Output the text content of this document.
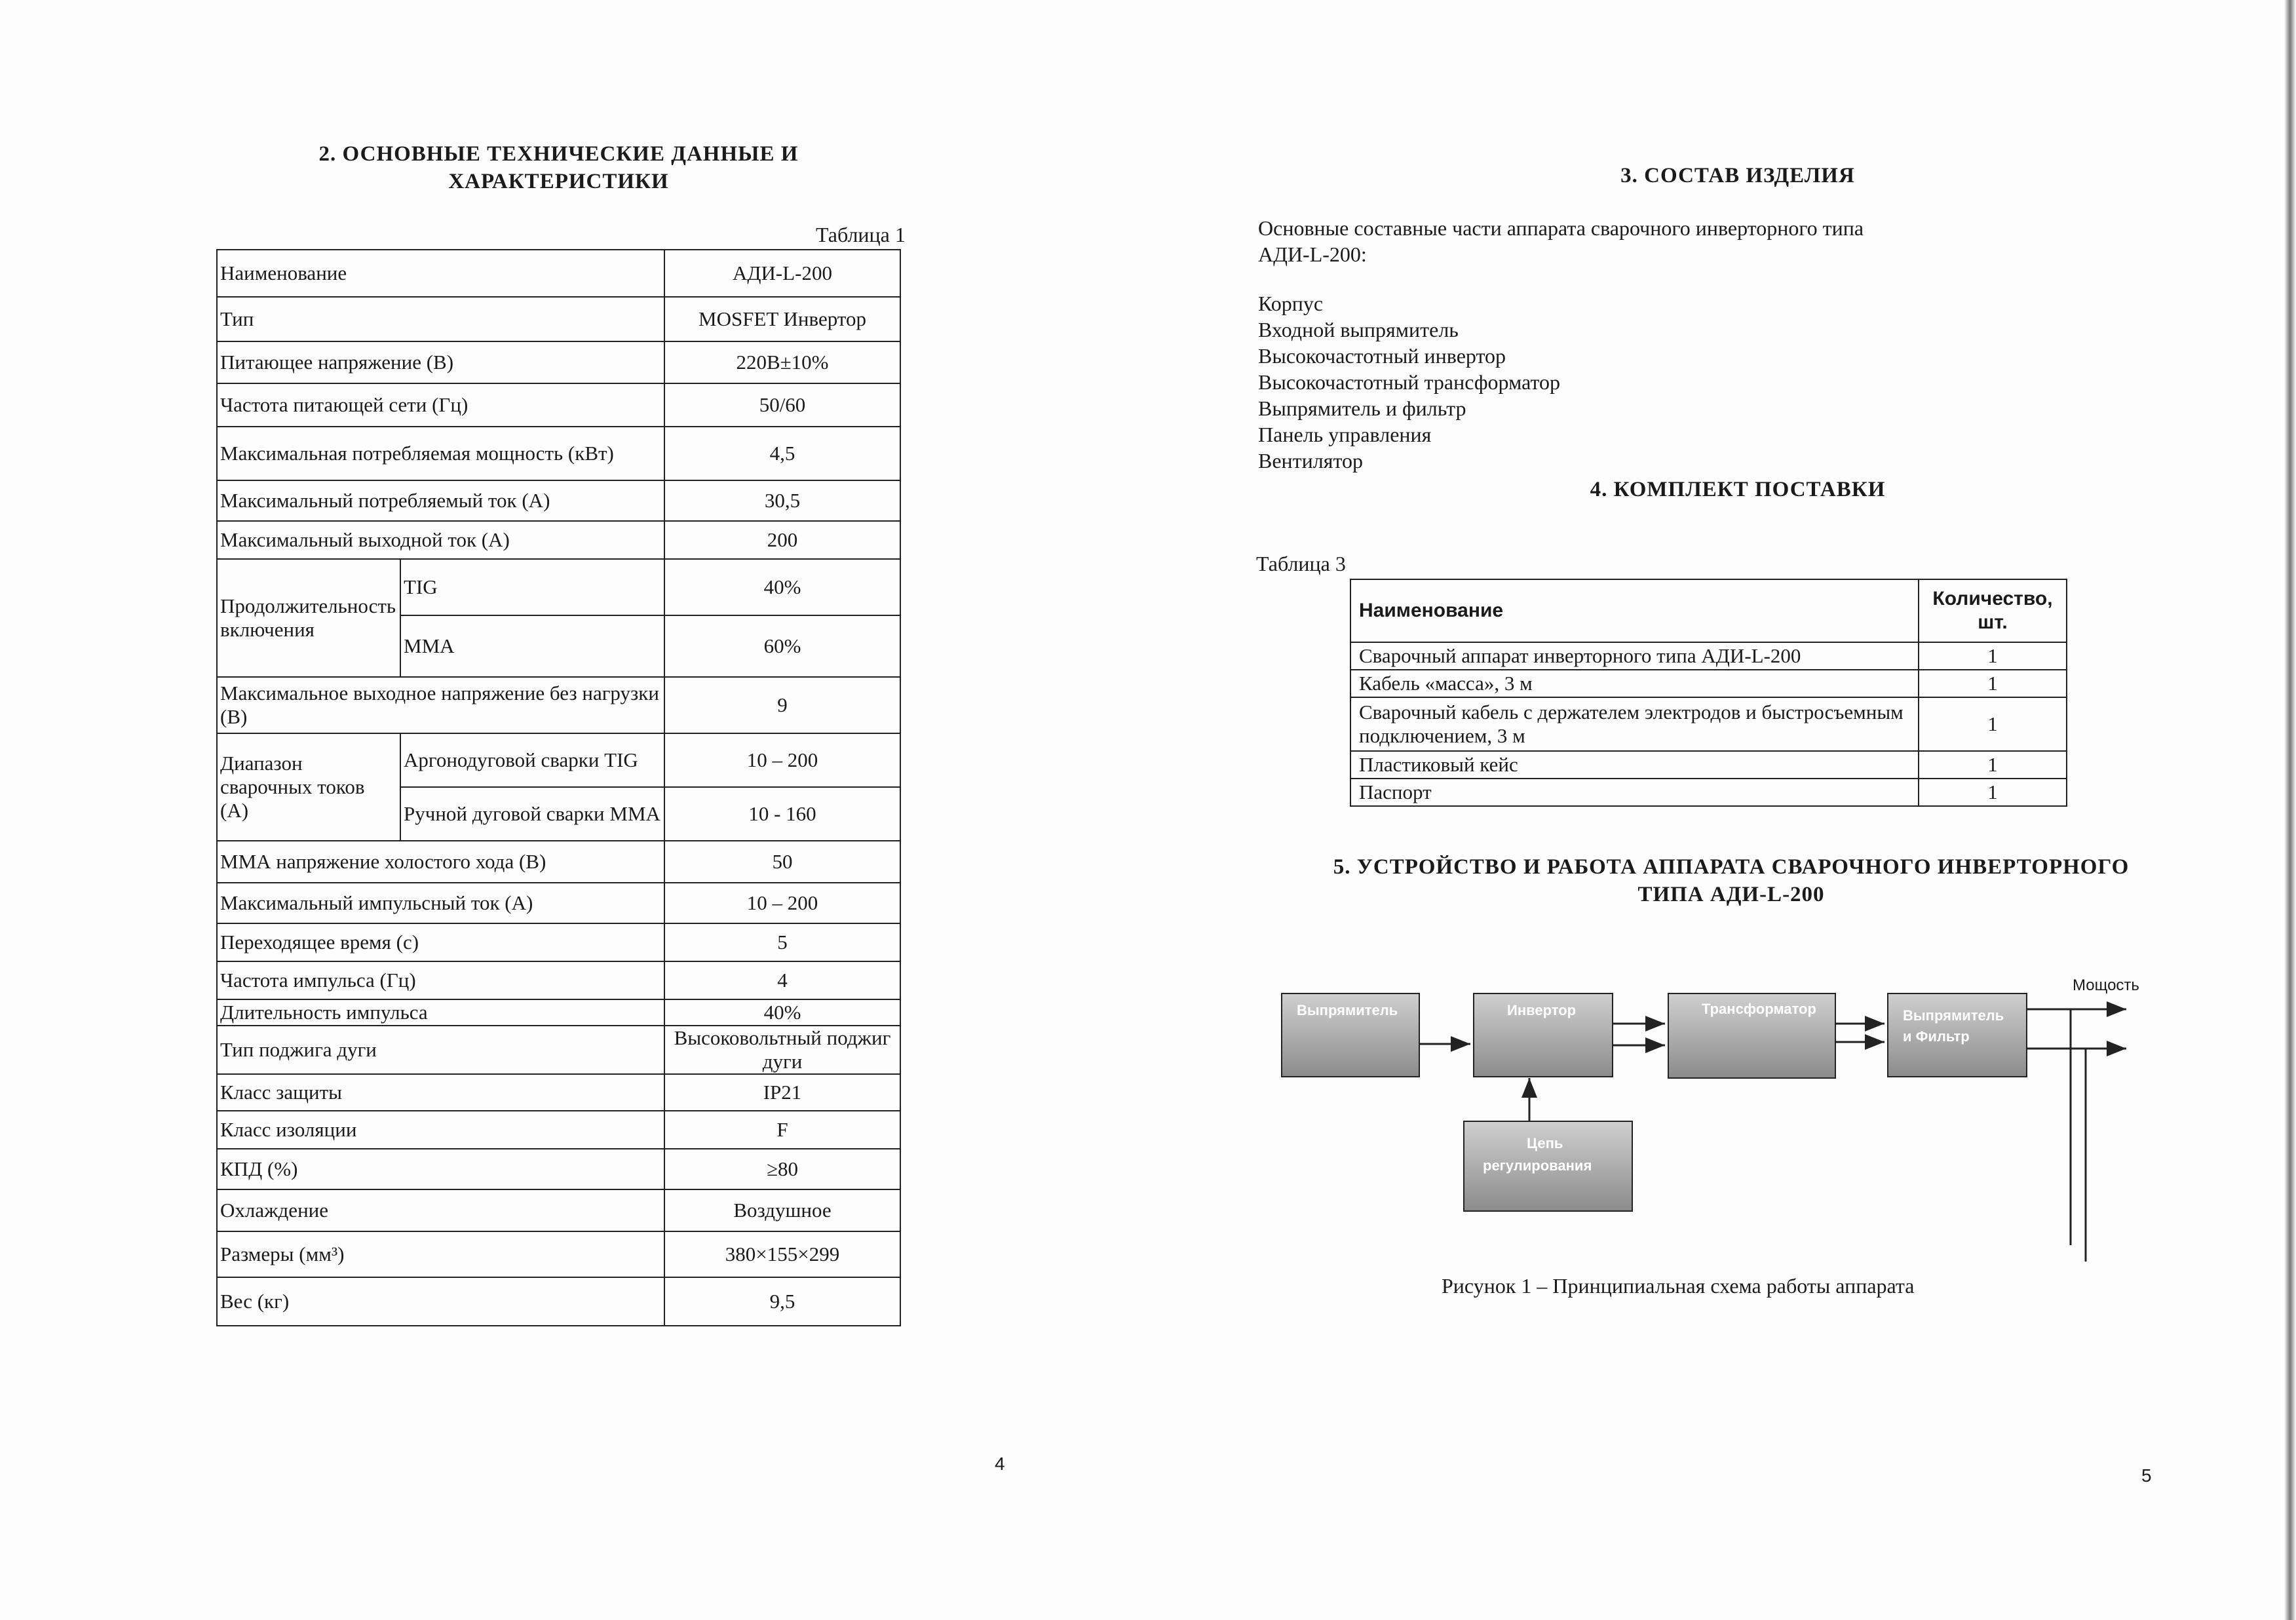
2. ОСНОВНЫЕ ТЕХНИЧЕСКИЕ ДАННЫЕ И
ХАРАКТЕРИСТИКИ
Таблица 1
Наименование		АДИ-L-200
Тип		MOSFET Инвертор
Питающее напряжение (В)		220В±10%
Частота питающей сети (Гц)		50/60
Максимальная потребляемая мощность (кВт)		4,5
Максимальный потребляемый ток (А)		30,5
Максимальный выходной ток (А)		200
Продолжительность включения	TIG	40%
	MMA	60%
Максимальное выходное напряжение без нагрузки (В)		9
Диапазон сварочных токов (А)	Аргонодуговой сварки TIG	10 – 200
	Ручной дуговой сварки ММА	10 - 160
ММА напряжение холостого хода (В)		50
Максимальный импульсный ток (А)		10 – 200
Переходящее время (с)		5
Частота импульса (Гц)		4
Длительность импульса		40%
Тип поджига дуги		Высоковольтный поджиг дуги
Класс защиты		IP21
Класс изоляции		F
КПД (%)		≥80
Охлаждение		Воздушное
Размеры (мм³)		380×155×299
Вес (кг)		9,5
4
3. СОСТАВ ИЗДЕЛИЯ
Основные составные части аппарата сварочного инверторного типа
АДИ-L-200:
Корпус
Входной выпрямитель
Высокочастотный инвертор
Высокочастотный трансформатор
Выпрямитель и фильтр
Панель управления
Вентилятор
4. КОМПЛЕКТ ПОСТАВКИ
Таблица 3
5. УСТРОЙСТВО И РАБОТА АППАРАТА СВАРОЧНОГО ИНВЕРТОРНОГО
ТИПА АДИ-L-200
Рисунок 1 – Принципиальная схема работы аппарата
5
Наименование	Количество, шт.
Сварочный аппарат инверторного типа АДИ-L-200	1
Кабель «масса», 3 м	1
Сварочный кабель с держателем электродов и быстросъемным подключением, 3 м	1
Пластиковый кейс	1
Паспорт	1
Выпрямитель	Инвертор	Трансформатор	Выпрямитель
и Фильтр
Цепь
регулирования
Мощость
